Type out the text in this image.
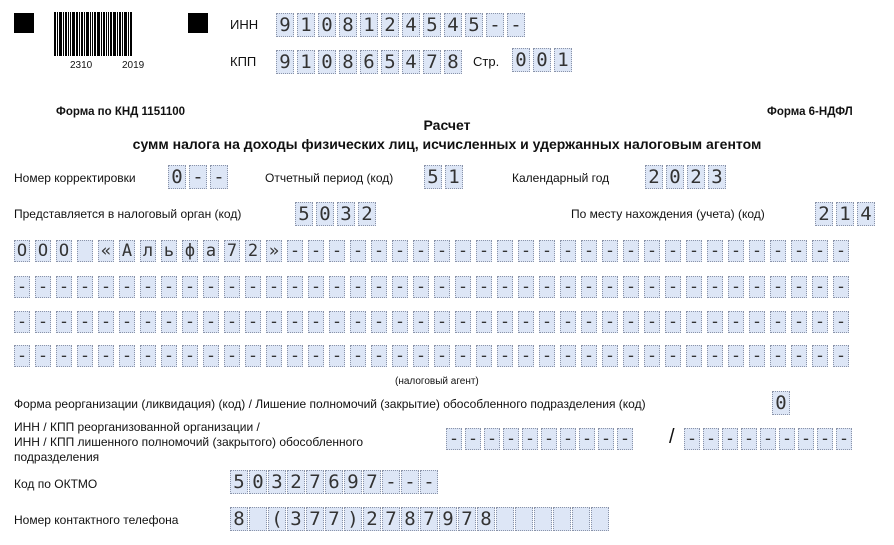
2310	2019
ИНН 9 1 0 8 1 2 4 5 4 5 - -
КПП 9 1 0 8 6 5 4 7 8 Стр. 0 0 1
Форма по КНД 1151100	Форма 6-НДФЛ
Расчет
сумм налога на доходы физических лиц, исчисленных и удержанных налоговым агентом
Номер корректировки 0 - -	Отчетный период (код) 5 1	Календарный год 2 0 2 3
Представляется в налоговый орган (код)	5 0 3 2	По месту нахождения (учета) (код)	2 1 4
О О О « А л ь ф а 7 2 » - - - - - - - - - - - - - - - - - - - - - - - - - - -
- - - - - - - - - - - - - - - - - - - - - - - - - - - - - - - - - - - - - - - -
- - - - - - - - - - - - - - - - - - - - - - - - - - - - - - - - - - - - - - - -
- - - - - - - - - - - - - - - - - - - - - - - - - - - - - - - - - - - - - - - -
(налоговый агент)
Форма реорганизации (ликвидация) (код) / Лишение полномочий (закрытие) обособленного подразделения (код)	0
ИНН / КПП реорганизованной организации /
ИНН / КПП лишенного полномочий (закрытого) обособленного
подразделения
- - - - - - - - - - / - - - - - - - - -
Код по ОКТМО	5 0 3 2 7 6 9 7 - - -
Номер контактного телефона	8 ( 3 7 7 ) 2 7 8 7 9 7 8
